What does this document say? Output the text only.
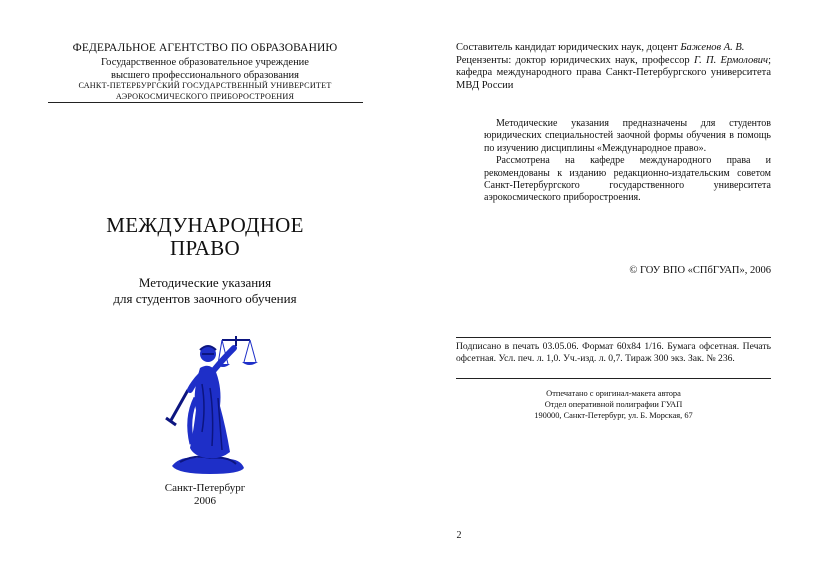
ФЕДЕРАЛЬНОЕ АГЕНТСТВО ПО ОБРАЗОВАНИЮ
Государственное образовательное учреждение
высшего профессионального образования
САНКТ-ПЕТЕРБУРГСКИЙ ГОСУДАРСТВЕННЫЙ УНИВЕРСИТЕТ
АЭРОКОСМИЧЕСКОГО ПРИБОРОСТРОЕНИЯ
МЕЖДУНАРОДНОЕ
ПРАВО
Методические указания
для студентов заочного обучения
Санкт-Петербург
2006

Составитель кандидат юридических наук, доцент Баженов А. В.

Рецензенты: доктор юридических наук, профессор Г. П. Ермолович; кафедра международного права Санкт-Петербургского университета МВД России

Методические указания предназначены для студентов юридических специальностей заочной формы обучения в помощь по изучению дисциплины «Международное право».

Рассмотрена на кафедре международного права и рекомендованы к изданию редакционно-издательским советом Санкт-Петербургского государственного университета аэрокосмического приборостроения.

© ГОУ ВПО «СПбГУАП», 2006
Подписано в печать 03.05.06. Формат 60x84 1/16. Бумага офсетная. Печать офсетная. Усл. печ. л. 1,0. Уч.-изд. л. 0,7. Тираж 300 экз. Зак. № 236.
Отпечатано с оригинал-макета автора
Отдел оперативной полиграфии ГУАП
190000, Санкт-Петербург, ул. Б. Морская, 67
2
